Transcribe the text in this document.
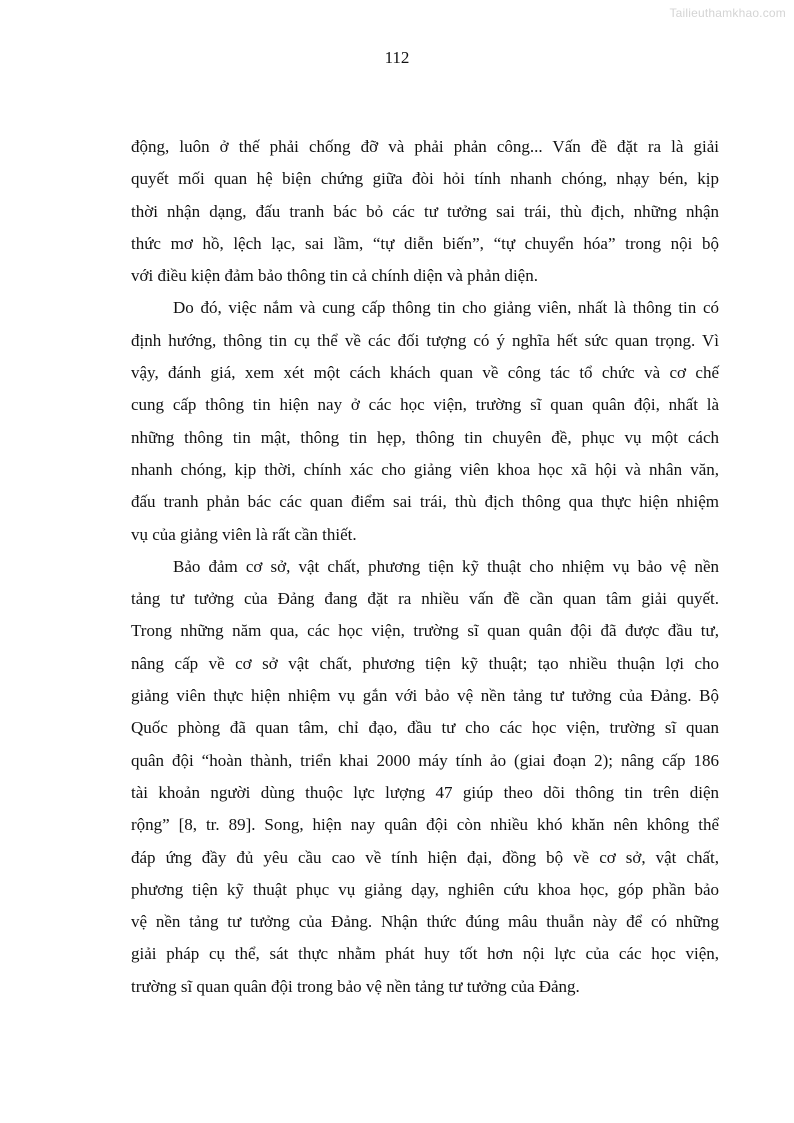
Tailieuthamkhao.com
112
động, luôn ở thế phải chống đỡ và phải phản công... Vấn đề đặt ra là giải
quyết mối quan hệ biện chứng giữa đòi hỏi tính nhanh chóng, nhạy bén, kịp
thời nhận dạng, đấu tranh bác bỏ các tư tưởng sai trái, thù địch, những nhận
thức mơ hồ, lệch lạc, sai lầm, “tự diễn biến”, “tự chuyển hóa” trong nội bộ
với điều kiện đảm bảo thông tin cả chính diện và phản diện.
Do đó, việc nắm và cung cấp thông tin cho giảng viên, nhất là thông tin có
định hướng, thông tin cụ thể về các đối tượng có ý nghĩa hết sức quan trọng. Vì
vậy, đánh giá, xem xét một cách khách quan về công tác tổ chức và cơ chế
cung cấp thông tin hiện nay ở các học viện, trường sĩ quan quân đội, nhất là
những thông tin mật, thông tin hẹp, thông tin chuyên đề, phục vụ một cách
nhanh chóng, kịp thời, chính xác cho giảng viên khoa học xã hội và nhân văn,
đấu tranh phản bác các quan điểm sai trái, thù địch thông qua thực hiện nhiệm
vụ của giảng viên là rất cần thiết.
Bảo đảm cơ sở, vật chất, phương tiện kỹ thuật cho nhiệm vụ bảo vệ nền
tảng tư tưởng của Đảng đang đặt ra nhiều vấn đề cần quan tâm giải quyết.
Trong những năm qua, các học viện, trường sĩ quan quân đội đã được đầu tư,
nâng cấp về cơ sở vật chất, phương tiện kỹ thuật; tạo nhiều thuận lợi cho
giảng viên thực hiện nhiệm vụ gắn với bảo vệ nền tảng tư tưởng của Đảng. Bộ
Quốc phòng đã quan tâm, chỉ đạo, đầu tư cho các học viện, trường sĩ quan
quân đội “hoàn thành, triển khai 2000 máy tính ảo (giai đoạn 2); nâng cấp 186
tài khoản người dùng thuộc lực lượng 47 giúp theo dõi thông tin trên diện
rộng” [8, tr. 89]. Song, hiện nay quân đội còn nhiều khó khăn nên không thể
đáp ứng đầy đủ yêu cầu cao về tính hiện đại, đồng bộ về cơ sở, vật chất,
phương tiện kỹ thuật phục vụ giảng dạy, nghiên cứu khoa học, góp phần bảo
vệ nền tảng tư tưởng của Đảng. Nhận thức đúng mâu thuẫn này để có những
giải pháp cụ thể, sát thực nhằm phát huy tốt hơn nội lực của các học viện,
trường sĩ quan quân đội trong bảo vệ nền tảng tư tưởng của Đảng.
